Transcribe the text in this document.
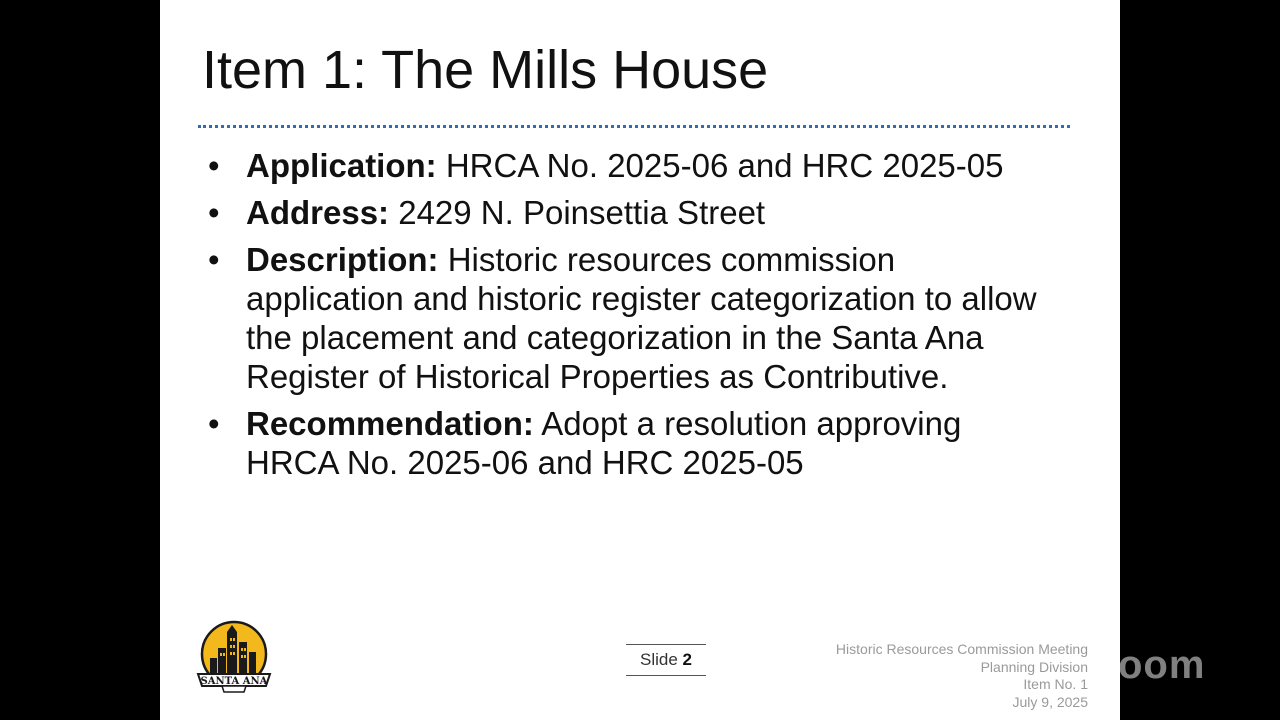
Item 1: The Mills House
• Application: HRCA No. 2025-06 and HRC 2025-05
• Address: 2429 N. Poinsettia Street
• Description: Historic resources commission application and historic register categorization to allow the placement and categorization in the Santa Ana Register of Historical Properties as Contributive.
• Recommendation: Adopt a resolution approving HRCA No. 2025-06 and HRC 2025-05
SANTA ANA
Slide 2
Historic Resources Commission Meeting
Planning Division
Item No. 1
July 9, 2025
zoom
